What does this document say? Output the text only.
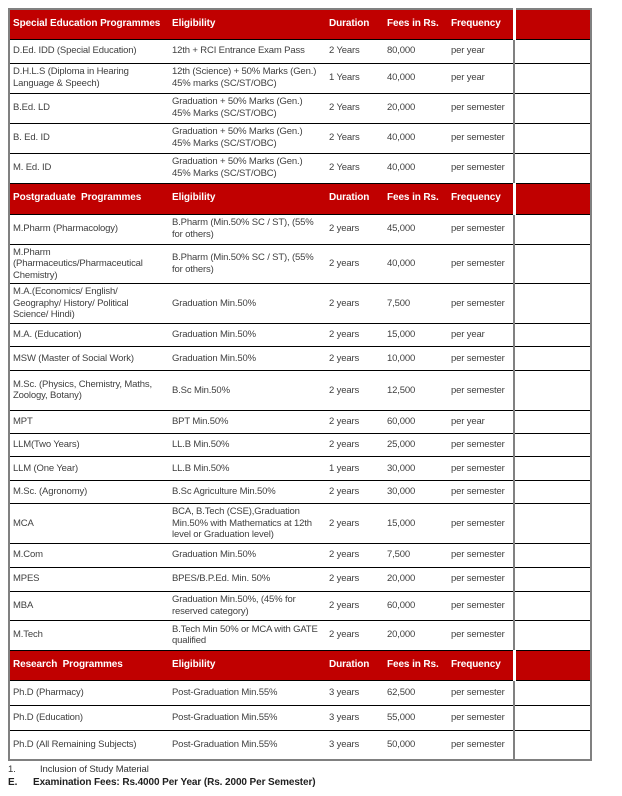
Special Education Programmes	Eligibility	Duration	Fees in Rs.	Frequency	
D.Ed. IDD (Special Education)	12th + RCI Entrance Exam Pass	2 Years	80,000	per year	
D.H.L.S (Diploma in Hearing Language & Speech)	12th (Science) + 50% Marks (Gen.) 45% marks (SC/ST/OBC)	1 Years	40,000	per year	
B.Ed. LD	Graduation + 50% Marks (Gen.) 45% Marks (SC/ST/OBC)	2 Years	20,000	per semester	
B. Ed. ID	Graduation + 50% Marks (Gen.) 45% Marks (SC/ST/OBC)	2 Years	40,000	per semester	
M. Ed. ID	Graduation + 50% Marks (Gen.) 45% Marks (SC/ST/OBC)	2 Years	40,000	per semester	
Postgraduate  Programmes	Eligibility	Duration	Fees in Rs.	Frequency	
M.Pharm (Pharmacology)	B.Pharm (Min.50% SC / ST), (55% for others)	2 years	45,000	per semester	
M.Pharm (Pharmaceutics/Pharmaceutical Chemistry)	B.Pharm (Min.50% SC / ST), (55% for others)	2 years	40,000	per semester	
M.A.(Economics/ English/ Geography/ History/ Political Science/ Hindi)	Graduation Min.50%	2 years	7,500	per semester	
M.A. (Education)	Graduation Min.50%	2 years	15,000	per year	
MSW (Master of Social Work)	Graduation Min.50%	2 years	10,000	per semester	
M.Sc. (Physics, Chemistry, Maths, Zoology, Botany)	B.Sc Min.50%	2 years	12,500	per semester	
MPT	BPT Min.50%	2 years	60,000	per year	
LLM(Two Years)	LL.B Min.50%	2 years	25,000	per semester	
LLM (One Year)	LL.B Min.50%	1 years	30,000	per semester	
M.Sc. (Agronomy)	B.Sc Agriculture Min.50%	2 years	30,000	per semester	
MCA	BCA, B.Tech (CSE),Graduation Min.50% with Mathematics at 12th level or Graduation level)	2 years	15,000	per semester	
M.Com	Graduation Min.50%	2 years	7,500	per semester	
MPES	BPES/B.P.Ed. Min. 50%	2 years	20,000	per semester	
MBA	Graduation Min.50%, (45% for reserved category)	2 years	60,000	per semester	
M.Tech	B.Tech Min 50% or MCA with GATE qualified	2 years	20,000	per semester	
Research  Programmes	Eligibility	Duration	Fees in Rs.	Frequency	
Ph.D (Pharmacy)	Post-Graduation Min.55%	3 years	62,500	per semester	
Ph.D (Education)	Post-Graduation Min.55%	3 years	55,000	per semester	
Ph.D (All Remaining Subjects)	Post-Graduation Min.55%	3 years	50,000	per semester	
1.	Inclusion of Study Material
E.	Examination Fees: Rs.4000 Per Year (Rs. 2000 Per Semester)
